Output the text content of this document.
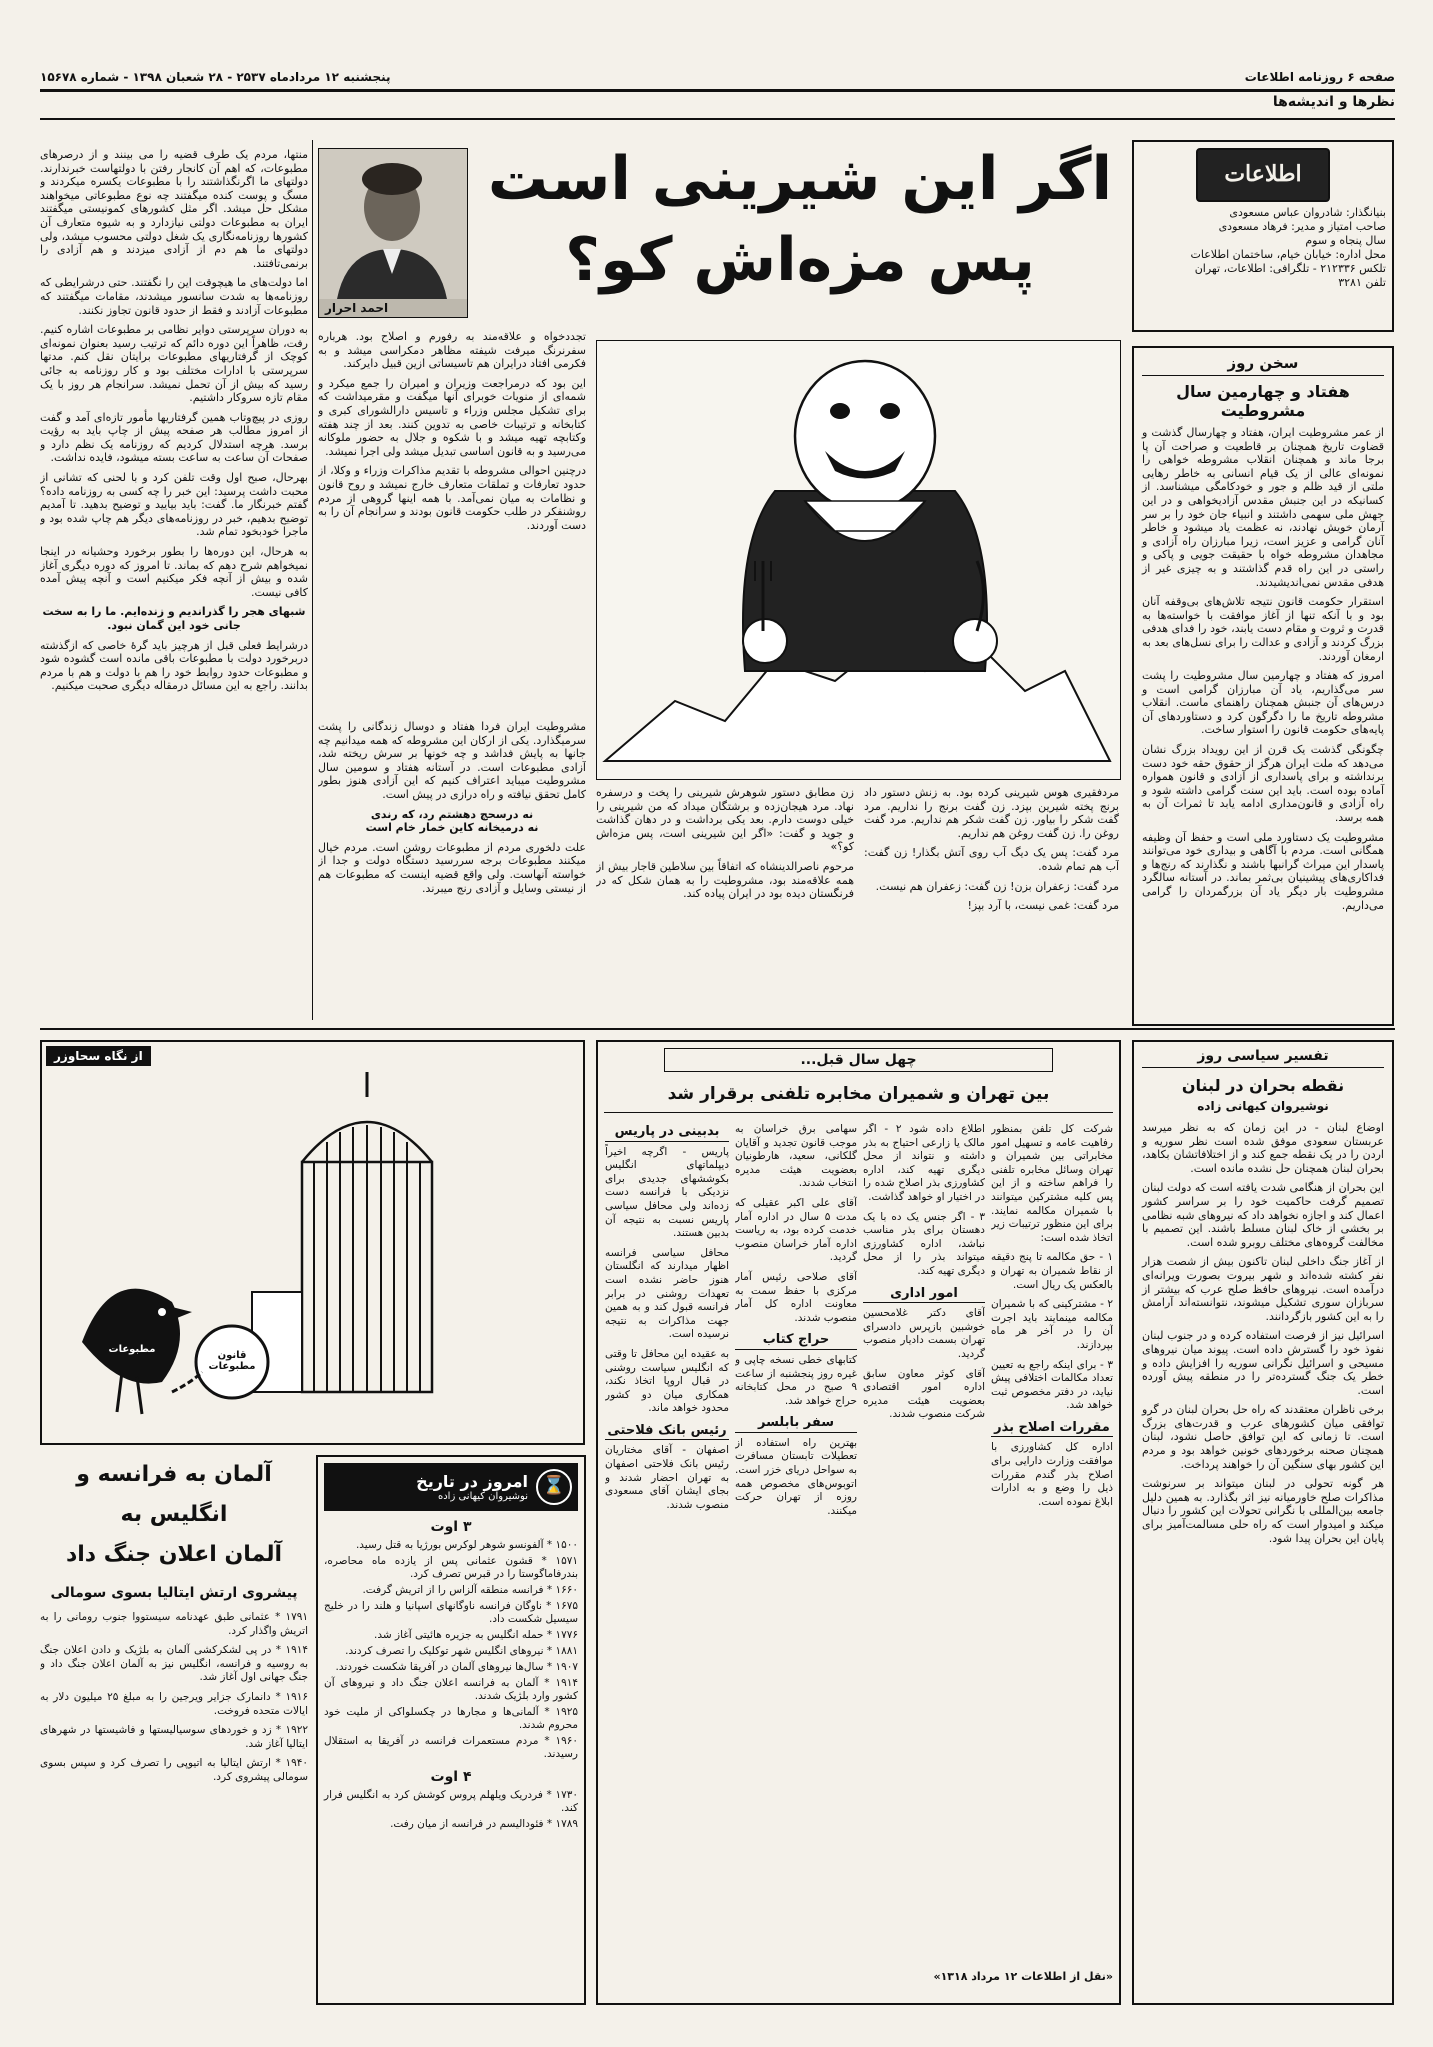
صفحه ۶ روزنامه اطلاعات
پنجشنبه ۱۲ مردادماه ۲۵۳۷ - ۲۸ شعبان ۱۳۹۸ - شماره ۱۵۶۷۸
نظرها و اندیشه‌ها
اطلاعات
بنیانگذار: شادروان عباس مسعودی
صاحب امتیاز و مدیر: فرهاد مسعودی
سال پنجاه و سوم
محل اداره: خیابان خیام، ساختمان اطلاعات
تلکس ۲۱۲۳۳۶ - تلگرافی: اطلاعات، تهران
تلفن ۳۲۸۱
سخن روز
هفتاد و چهارمین سال مشروطیت

از عمر مشروطیت ایران، هفتاد و چهارسال گذشت و قضاوت تاریخ همچنان بر قاطعیت و صراحت آن پا برجا ماند و همچنان انقلاب مشروطه خواهی را نمونه‌ای عالی از یک قیام انسانی به خاطر رهایی ملتی از قید ظلم و جور و خودکامگی میشناسد. از کسانیکه در این جنبش مقدس آزادیخواهی و در این جهش ملی سهمی داشتند و انبیاء جان خود را بر سر آرمان خویش نهادند، نه عظمت یاد میشود و خاطر آنان گرامی و عزیز است، زیرا مبارزان راه آزادی و مجاهدان مشروطه خواه با حقیقت جویی و پاکی و راستی در این راه قدم گذاشتند و به چیزی غیر از هدفی مقدس نمی‌اندیشیدند.

استقرار حکومت قانون نتیجه تلاش‌های بی‌وقفه آنان بود و با آنکه تنها از آغاز موافقت با خواسته‌ها به قدرت و ثروت و مقام دست یابند، خود را فدای هدفی بزرگ کردند و آزادی و عدالت را برای نسل‌های بعد به ارمغان آوردند.

امروز که هفتاد و چهارمین سال مشروطیت را پشت سر می‌گذاریم، یاد آن مبارزان گرامی است و درس‌های آن جنبش همچنان راهنمای ماست. انقلاب مشروطه تاریخ ما را دگرگون کرد و دستاوردهای آن پایه‌های حکومت قانون را استوار ساخت.

چگونگی گذشت یک قرن از این رویداد بزرگ نشان می‌دهد که ملت ایران هرگز از حقوق حقه خود دست برنداشته و برای پاسداری از آزادی و قانون همواره آماده بوده است. باید این سنت گرامی داشته شود و راه آزادی و قانون‌مداری ادامه یابد تا ثمرات آن به همه برسد.

مشروطیت یک دستاورد ملی است و حفظ آن وظیفه همگانی است. مردم با آگاهی و بیداری خود می‌توانند پاسدار این میراث گرانبها باشند و نگذارند که رنج‌ها و فداکاری‌های پیشینیان بی‌ثمر بماند. در آستانه سالگرد مشروطیت بار دیگر یاد آن بزرگمردان را گرامی می‌داریم.

اگر این شیرینی است
پس مزه‌اش کو؟
احمد احرار

منتها، مردم یک طرف قضیه را می بینند و از درصرهای مطبوعات، که اهم آن کانجار رفتن با دولتهاست خبرندارند. دولتهای ما اگرنگذاشتند را با مطبوعات یکسره میکردند و مسگ و پوست کنده میگفتند چه نوع مطبوعاتی میخواهند مشکل حل میشد. اگر مثل کشورهای کمونیستی میگفتند ایران به مطبوعات دولتی نیازدارد و به شیوه متعارف آن کشورها روزنامه‌نگاری یک شغل دولتی محسوب میشد، ولی دولتهای ما هم دم از آزادی میزدند و هم آزادی را برنمی‌تافتند.

اما دولت‌های ما هیچوقت این را نگفتند. حتی درشرایطی که روزنامه‌ها به شدت سانسور میشدند، مقامات میگفتند که مطبوعات آزادند و فقط از حدود قانون تجاوز نکنند.

به دوران سرپرستی دوایر نظامی بر مطبوعات اشاره کنیم. رفت، ظاهراً این دوره دائم که ترتیب رسید بعنوان نمونه‌ای کوچک از گرفتاریهای مطبوعات برایتان نقل کنم. مدتها سرپرستی با ادارات مختلف بود و کار روزنامه به جائی رسید که بیش از آن تحمل نمیشد. سرانجام هر روز با یک مقام تازه سروکار داشتیم.

روزی در پیچ‌وتاب همین گرفتاریها مأمور تازه‌ای آمد و گفت از امروز مطالب هر صفحه پیش از چاپ باید به رؤیت برسد. هرچه استدلال کردیم که روزنامه یک نظم دارد و صفحات آن ساعت به ساعت بسته میشود، فایده نداشت.

بهرحال، صبح اول وقت تلفن کرد و با لحنی که تشانی از محبت داشت پرسید: این خبر را چه کسی به روزنامه داده؟ گفتم خبرنگار ما. گفت: باید بیایید و توضیح بدهید. تا آمدیم توضیح بدهیم، خبر در روزنامه‌های دیگر هم چاپ شده بود و ماجرا خودبخود تمام شد.

به هرحال، این دوره‌ها را بطور برخورد وحشیانه در اینجا نمیخواهم شرح دهم که بماند. تا امروز که دوره دیگری آغاز شده و بیش از آنچه فکر میکنیم است و آنچه پیش آمده کافی نیست.

شبهای هجر را گذراندیم و زنده‌ایم. ما را به سخت جانی خود این گمان نبود.

درشرایط فعلی قبل از هرچیز باید گرهٔ خاصی که ازگذشته دربرخورد دولت با مطبوعات باقی مانده است گشوده شود و مطبوعات حدود روابط خود را هم با دولت و هم با مردم بدانند. راجع به این مسائل درمقاله دیگری صحبت میکنیم.

تجددخواه و علاقه‌مند به رفورم و اصلاح بود. هرباره سفرنرنگ میرفت شیفته مظاهر دمکراسی میشد و به فکرمی افتاد درایران هم تاسیساتی ازین قبیل دایرکند.

این بود که درمراجعت وزیران و امیران را جمع میکرد و شمه‌ای از منویات خوبرای آنها میگفت و مقرمیداشت که برای تشکیل مجلس وزراء و تاسیس دارالشورای کبری و کتابخانه و ترتیبات خاصی به تدوین کنند. بعد از چند هفته وکتابچه تهیه میشد و با شکوه و جلال به حضور ملوکانه می‌رسید و به قانون اساسی تبدیل میشد ولی اجرا نمیشد.

درچنین احوالی مشروطه با تقدیم مذاکرات وزراء و وکلا، از حدود تعارفات و تملقات متعارف خارج نمیشد و روح قانون و نظامات به میان نمی‌آمد. با همه اینها گروهی از مردم روشنفکر در طلب حکومت قانون بودند و سرانجام آن را به دست آوردند.

مشروطیت ایران فردا هفتاد و دوسال زندگانی را پشت سرمیگذارد. یکی از ارکان این مشروطه که همه میدانیم چه جانها به پایش فداشد و چه خونها بر سرش ریخته شد، آزادی مطبوعات است. در آستانه هفتاد و سومین سال مشروطیت میباید اعتراف کنیم که این آزادی هنوز بطور کامل تحقق نیافته و راه درازی در پیش است.

نه درسحچ دهشتم رد، که رندی
نه درمیخانه کاین خمار خام است

علت دلخوری مردم از مطبوعات روشن است. مردم خیال میکنند مطبوعات برجه سررسید دستگاه دولت و جدا از خواسته آنهاست. ولی واقع قضیه اینست که مطبوعات هم از نیستی وسایل و آزادی رنج میبرند.

مردفقیری هوس شیرینی کرده بود. به زنش دستور داد برنج پخته شیرین بپزد. زن گفت برنج را نداریم. مرد گفت شکر را بیاور. زن گفت شکر هم نداریم. مرد گفت روغن را. زن گفت روغن هم نداریم.

مرد گفت: پس یک دیگ آب روی آتش بگذار! زن گفت: آب هم تمام شده.

مرد گفت: زعفران بزن! زن گفت: زعفران هم نیست.

مرد گفت: غمی نیست، با آرد بپز!

زن مطابق دستور شوهرش شیرینی را پخت و درسفره نهاد. مرد هیجان‌زده و برشتگان میداد که من شیرینی را خیلی دوست دارم. بعد یکی برداشت و در دهان گذاشت و جوید و گفت: «اگر این شیرینی است، پس مزه‌اش کو؟»

مرحوم ناصرالدینشاه که اتفاقاً بین سلاطین قاجار بیش از همه علاقه‌مند بود، مشروطیت را به همان شکل که در فرنگستان دیده بود در ایران پیاده کند.

تفسیر سیاسی روز
نقطه بحران در لبنان
نوشیروان کیهانی زاده

اوضاع لبنان - در این زمان که به نظر میرسد عربستان سعودی موفق شده است نظر سوریه و اردن را در یک نقطه جمع کند و از اختلافاتشان بکاهد، بحران لبنان همچنان حل نشده مانده است.

این بحران از هنگامی شدت یافته است که دولت لبنان تصمیم گرفت حاکمیت خود را بر سراسر کشور اعمال کند و اجازه نخواهد داد که نیروهای شبه نظامی بر بخشی از خاک لبنان مسلط باشند. این تصمیم با مخالفت گروه‌های مختلف روبرو شده است.

از آغاز جنگ داخلی لبنان تاکنون بیش از شصت هزار نفر کشته شده‌اند و شهر بیروت بصورت ویرانه‌ای درآمده است. نیروهای حافظ صلح عرب که بیشتر از سربازان سوری تشکیل میشوند، نتوانسته‌اند آرامش را به این کشور بازگردانند.

اسرائیل نیز از فرصت استفاده کرده و در جنوب لبنان نفوذ خود را گسترش داده است. پیوند میان نیروهای مسیحی و اسرائیل نگرانی سوریه را افزایش داده و خطر یک جنگ گسترده‌تر را در منطقه پیش آورده است.

برخی ناظران معتقدند که راه حل بحران لبنان در گرو توافقی میان کشورهای عرب و قدرت‌های بزرگ است. تا زمانی که این توافق حاصل نشود، لبنان همچنان صحنه برخوردهای خونین خواهد بود و مردم این کشور بهای سنگین آن را خواهند پرداخت.

هر گونه تحولی در لبنان میتواند بر سرنوشت مذاکرات صلح خاورمیانه نیز اثر بگذارد. به همین دلیل جامعه بین‌المللی با نگرانی تحولات این کشور را دنبال میکند و امیدوار است که راه حلی مسالمت‌آمیز برای پایان این بحران پیدا شود.

چهل سال قبل...
بین تهران و شمیران مخابره تلفنی برقرار شد

شرکت کل تلفن بمنظور رفاهیت عامه و تسهیل امور مخابراتی بین شمیران و تهران وسائل مخابره تلفنی را فراهم ساخته و از این پس کلیه مشترکین میتوانند با شمیران مکالمه نمایند. برای این منظور ترتیبات زیر اتخاذ شده است:

۱ - حق مکالمه تا پنج دقیقه از نقاط شمیران به تهران و بالعکس یک ریال است.

۲ - مشترکینی که با شمیران مکالمه مینمایند باید اجرت آن را در آخر هر ماه بپردازند.

۳ - برای اینکه راجع به تعیین تعداد مکالمات اختلافی پیش نیاید، در دفتر مخصوص ثبت خواهد شد.

مقررات اصلاح بذر

اداره کل کشاورزی با موافقت وزارت دارایی برای اصلاح بذر گندم مقررات ذیل را وضع و به ادارات ابلاغ نموده است.

اطلاع داده شود ۲ - اگر مالک یا زارعی احتیاج به بذر داشته و نتواند از محل دیگری تهیه کند، اداره کشاورزی بذر اصلاح شده را در اختیار او خواهد گذاشت.

۳ - اگر جنس یک ده با یک دهستان برای بذر مناسب نباشد، اداره کشاورزی میتواند بذر را از محل دیگری تهیه کند.

امور اداری

آقای دکتر غلامحسین خوشبین بازپرس دادسرای تهران بسمت دادیار منصوب گردید.

آقای کوثر معاون سابق اداره امور اقتصادی بعضویت هیئت مدیره شرکت منصوب شدند.

سهامی برق خراسان به موجب قانون تجدید و آقایان گلکانی، سعید، هارطونیان بعضویت هیئت مدیره انتخاب شدند.

آقای علی اکبر عقیلی که مدت ۵ سال در اداره آمار خدمت کرده بود، به ریاست اداره آمار خراسان منصوب گردید.

آقای صلاحی رئیس آمار مرکزی با حفظ سمت به معاونت اداره کل آمار منصوب شدند.

حراج کتاب

کتابهای خطی نسخه چاپی و غیره روز پنجشنبه از ساعت ۹ صبح در محل کتابخانه حراج خواهد شد.

سفر بابلسر

بهترین راه استفاده از تعطیلات تابستان مسافرت به سواحل دریای خزر است. اتوبوس‌های مخصوص همه روزه از تهران حرکت میکنند.

بدبینی در پاریس

پاریس - اگرچه اخیراً دیپلماتهای انگلیس بکوششهای جدیدی برای نزدیکی با فرانسه دست زده‌اند ولی محافل سیاسی پاریس نسبت به نتیجه آن بدبین هستند.

محافل سیاسی فرانسه اظهار میدارند که انگلستان هنوز حاضر نشده است تعهدات روشنی در برابر فرانسه قبول کند و به همین جهت مذاکرات به نتیجه نرسیده است.

به عقیده این محافل تا وقتی که انگلیس سیاست روشنی در قبال اروپا اتخاذ نکند، همکاری میان دو کشور محدود خواهد ماند.

رئیس بانک فلاحتی

اصفهان - آقای مختاریان رئیس بانک فلاحتی اصفهان به تهران احضار شدند و بجای ایشان آقای مسعودی منصوب شدند.

«نقل از اطلاعات ۱۲ مرداد ۱۳۱۸»
از نگاه سحاوزر
قانون مطبوعات
مطبوعات
⌛
امروز در تاریخ
نوشیروان کیهانی زاده
۳ اوت

۱۵۰۰ * آلفونسو شوهر لوکرس بورژیا به قتل رسید.

۱۵۷۱ * قشون عثمانی پس از یازده ماه محاصره، بندرفاماگوستا را در قبرس تصرف کرد.

۱۶۶۰ * فرانسه منطقه آلزاس را از اتریش گرفت.

۱۶۷۵ * ناوگان فرانسه ناوگانهای اسپانیا و هلند را در خلیج سیسیل شکست داد.

۱۷۷۶ * حمله انگلیس به جزیره هائیتی آغاز شد.

۱۸۸۱ * نیروهای انگلیس شهر توکلیک را تصرف کردند.

۱۹۰۷ * سال‌ها نیروهای آلمان در آفریقا شکست خوردند.

۱۹۱۴ * آلمان به فرانسه اعلان جنگ داد و نیروهای آن کشور وارد بلژیک شدند.

۱۹۲۵ * آلمانی‌ها و مجارها در چکسلواکی از ملیت خود محروم شدند.

۱۹۶۰ * مردم مستعمرات فرانسه در آفریقا به استقلال رسیدند.

۴ اوت

۱۷۳۰ * فردریک ویلهلم پروس کوشش کرد به انگلیس فرار کند.

۱۷۸۹ * فئودالیسم در فرانسه از میان رفت.

آلمان به فرانسه و
انگلیس به
آلمان اعلان جنگ داد
پیشروی ارتش ایتالیا بسوی سومالی

۱۷۹۱ * عثمانی طبق عهدنامه سیستووا جنوب رومانی را به اتریش واگذار کرد.

۱۹۱۴ * در پی لشکرکشی آلمان به بلژیک و دادن اعلان جنگ به روسیه و فرانسه، انگلیس نیز به آلمان اعلان جنگ داد و جنگ جهانی اول آغاز شد.

۱۹۱۶ * دانمارک جزایر ویرجین را به مبلغ ۲۵ میلیون دلار به ایالات متحده فروخت.

۱۹۲۲ * زد و خوردهای سوسیالیستها و فاشیستها در شهرهای ایتالیا آغاز شد.

۱۹۴۰ * ارتش ایتالیا به اتیوپی را تصرف کرد و سپس بسوی سومالی پیشروی کرد.
